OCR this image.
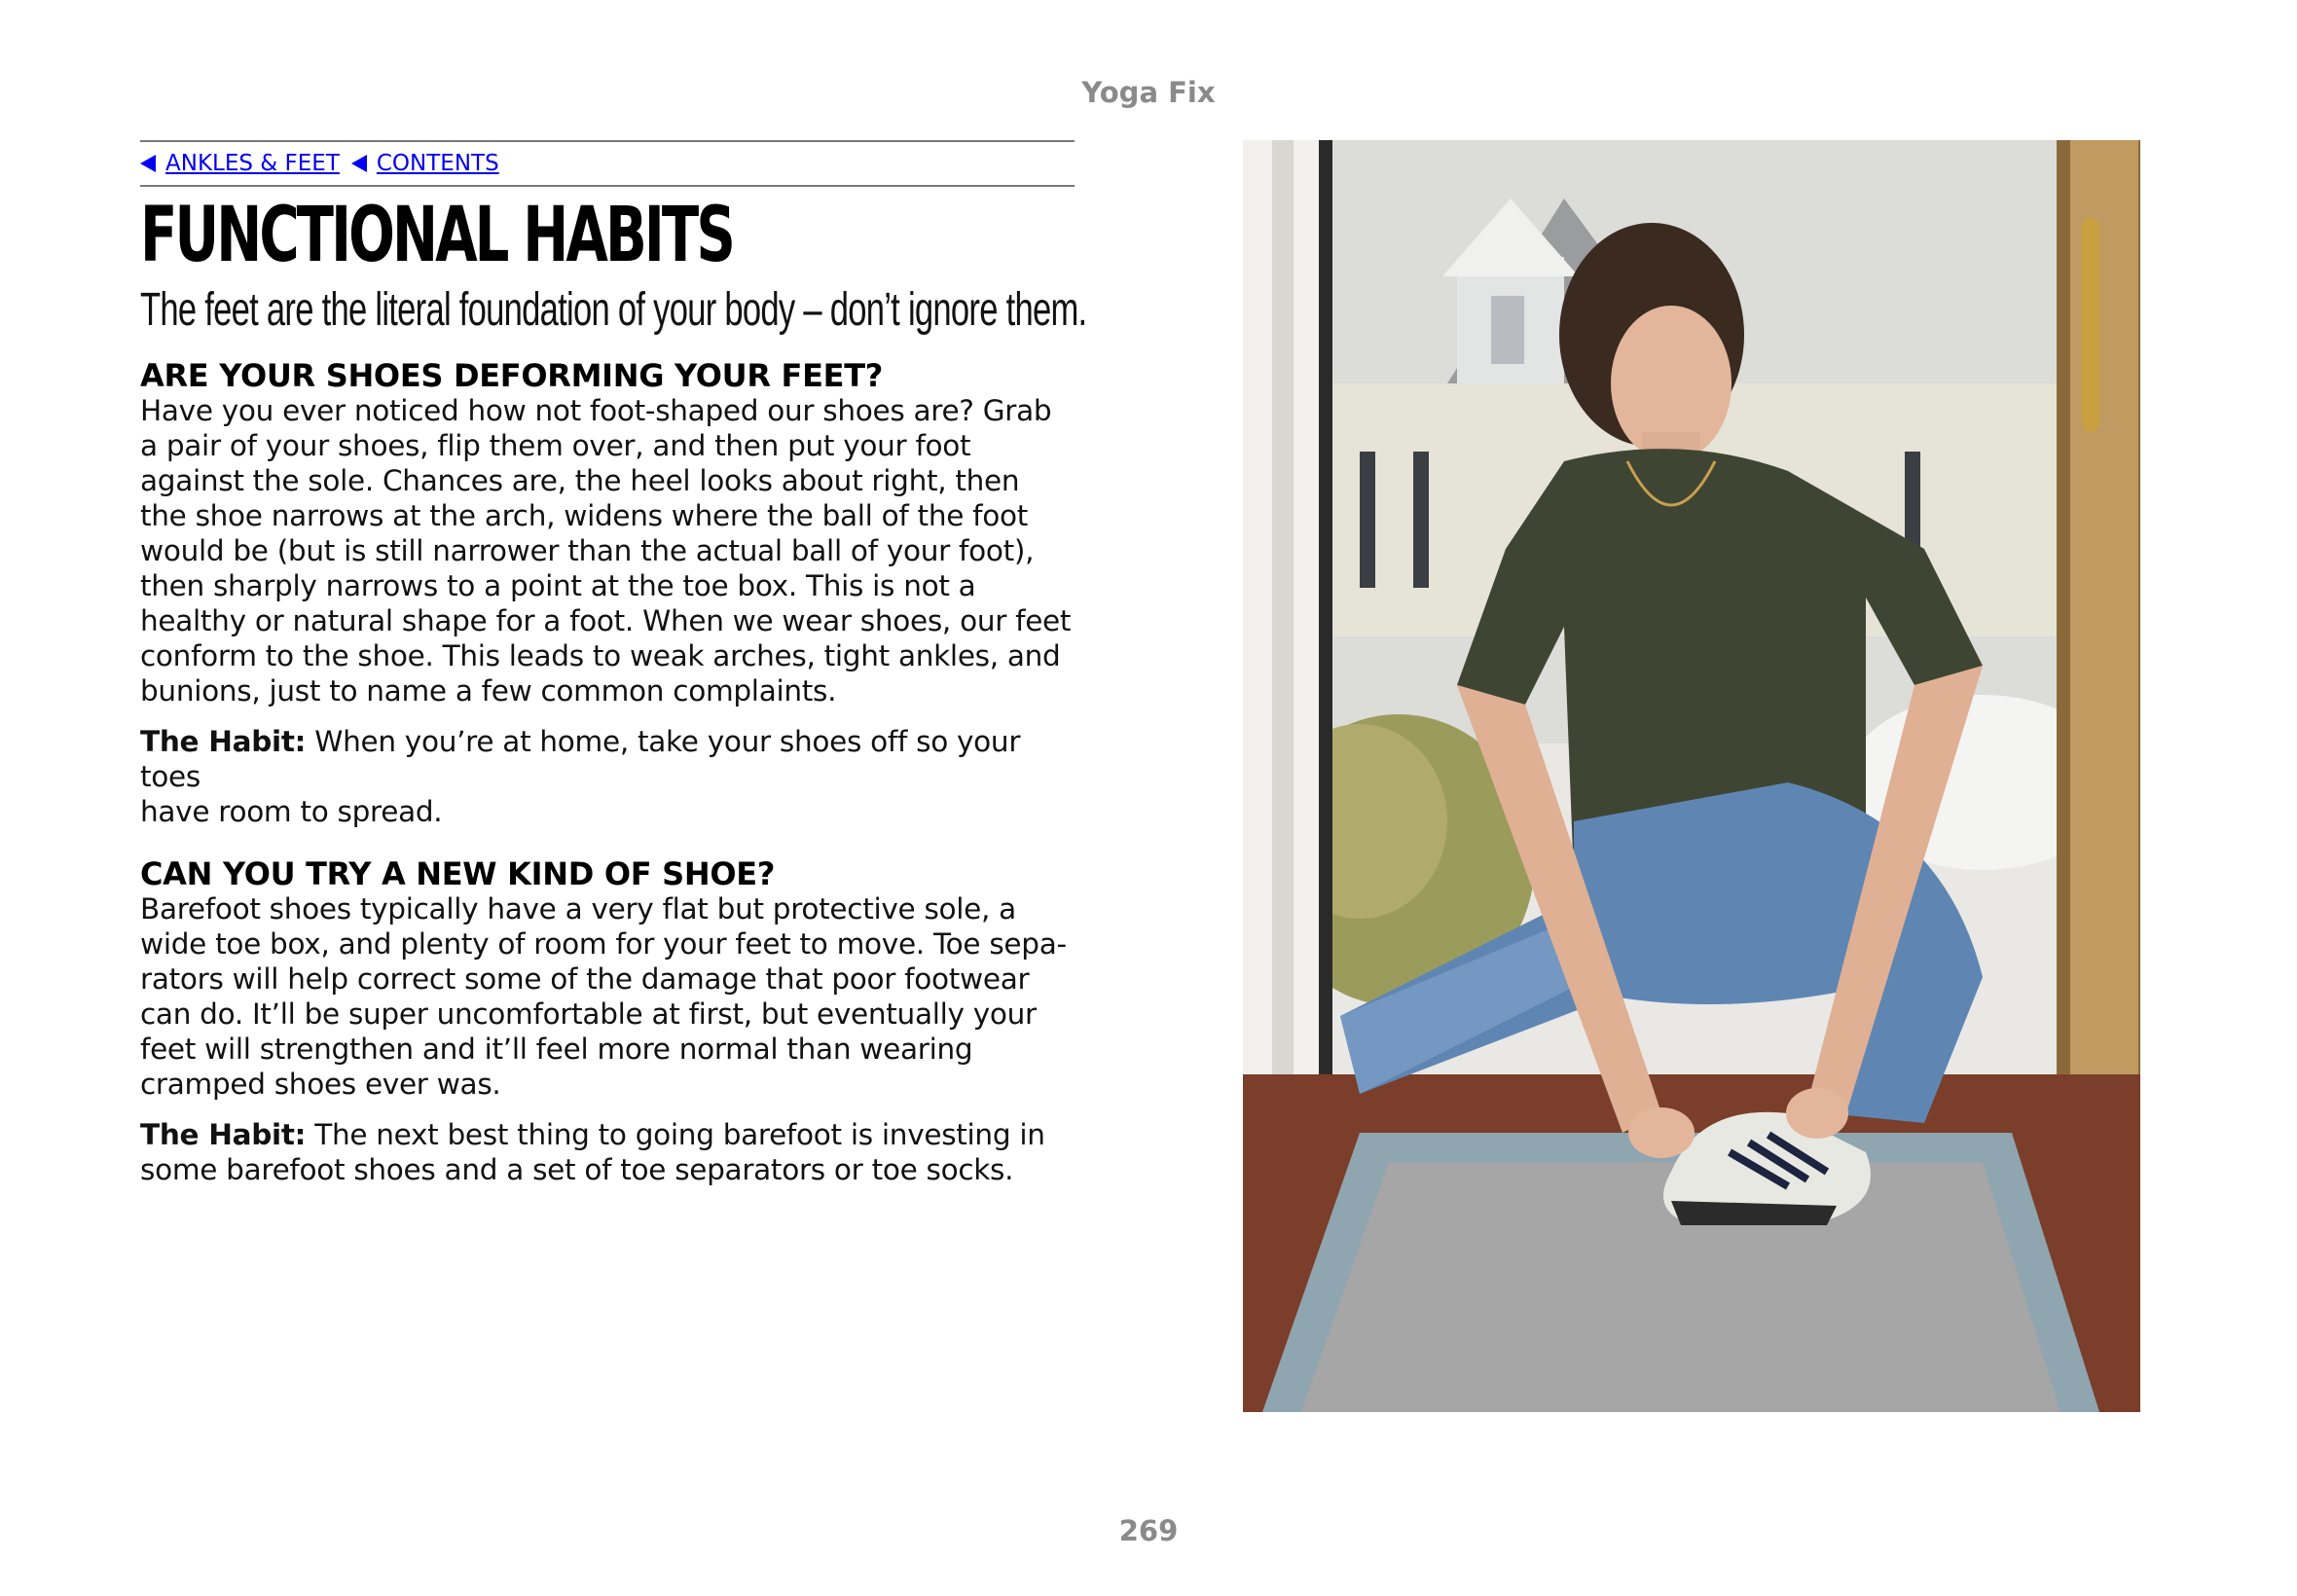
Yoga Fix
ANKLES & FEET CONTENTS
FUNCTIONAL HABITS
The feet are the literal foundation of your body – don’t ignore them.
ARE YOUR SHOES DEFORMING YOUR FEET?
Have you ever noticed how not foot-shaped our shoes are? Grab
a pair of your shoes, flip them over, and then put your foot
against the sole. Chances are, the heel looks about right, then
the shoe narrows at the arch, widens where the ball of the foot
would be (but is still narrower than the actual ball of your foot),
then sharply narrows to a point at the toe box. This is not a
healthy or natural shape for a foot. When we wear shoes, our feet
conform to the shoe. This leads to weak arches, tight ankles, and
bunions, just to name a few common complaints.
The Habit: When you’re at home, take your shoes off so your toes
have room to spread.
CAN YOU TRY A NEW KIND OF SHOE?
Barefoot shoes typically have a very flat but protective sole, a
wide toe box, and plenty of room for your feet to move. Toe sepa-
rators will help correct some of the damage that poor footwear
can do. It’ll be super uncomfortable at first, but eventually your
feet will strengthen and it’ll feel more normal than wearing
cramped shoes ever was.
The Habit: The next best thing to going barefoot is investing in
some barefoot shoes and a set of toe separators or toe socks.
269
